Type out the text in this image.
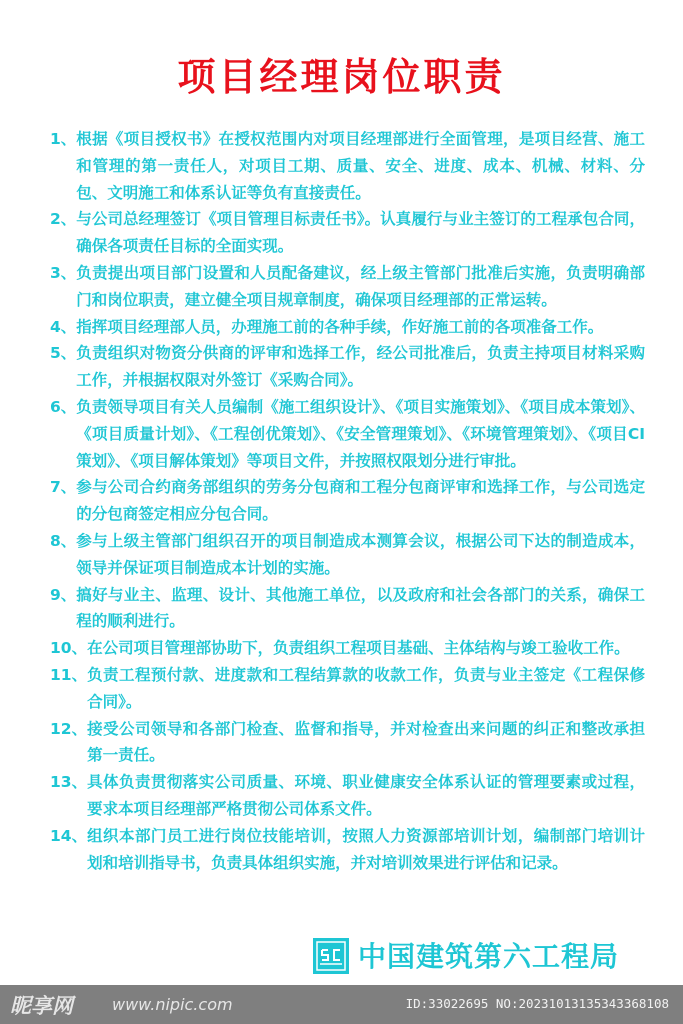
项目经理岗位职责
1、 根据《项目授权书》在授权范围内对项目经理部进行全面管理，是项目经营、施工和管理的第一责任人，对项目工期、质量、安全、进度、成本、机械、材料、分包、文明施工和体系认证等负有直接责任。
2、 与公司总经理签订《项目管理目标责任书》。认真履行与业主签订的工程承包合同，确保各项责任目标的全面实现。
3、 负责提出项目部门设置和人员配备建议，经上级主管部门批准后实施，负责明确部门和岗位职责，建立健全项目规章制度，确保项目经理部的正常运转。
4、 指挥项目经理部人员，办理施工前的各种手续，作好施工前的各项准备工作。
5、 负责组织对物资分供商的评审和选择工作，经公司批准后，负责主持项目材料采购工作，并根据权限对外签订《采购合同》。
6、 负责领导项目有关人员编制《施工组织设计》、《项目实施策划》、《项目成本策划》、《项目质量计划》、《工程创优策划》、《安全管理策划》、《环境管理策划》、《项目CI策划》、《项目解体策划》等项目文件，并按照权限划分进行审批。
7、 参与公司合约商务部组织的劳务分包商和工程分包商评审和选择工作，与公司选定的分包商签定相应分包合同。
8、 参与上级主管部门组织召开的项目制造成本测算会议，根据公司下达的制造成本，领导并保证项目制造成本计划的实施。
9、 搞好与业主、监理、设计、其他施工单位，以及政府和社会各部门的关系，确保工程的顺利进行。
10、 在公司项目管理部协助下，负责组织工程项目基础、主体结构与竣工验收工作。
11、 负责工程预付款、进度款和工程结算款的收款工作，负责与业主签定《工程保修合同》。
12、 接受公司领导和各部门检查、监督和指导，并对检查出来问题的纠正和整改承担第一责任。
13、 具体负责贯彻落实公司质量、环境、职业健康安全体系认证的管理要素或过程，要求本项目经理部严格贯彻公司体系文件。
14、 组织本部门员工进行岗位技能培训，按照人力资源部培训计划，编制部门培训计划和培训指导书，负责具体组织实施，并对培训效果进行评估和记录。
中国建筑第六工程局
昵享网 www.nipic.com	ID:33022695 NO:20231013135343368108
